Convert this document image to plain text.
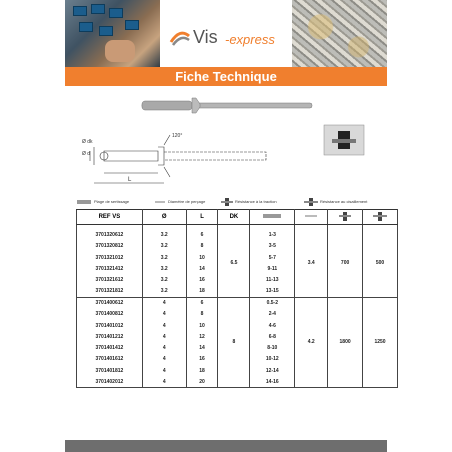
Vis -express
Fiche Technique
Ø d
Ø dk
120°
L
Plage de sertissage	Diamètre de perçage	Résistance à la traction	Résistance au cisaillement
REF VS	Ø	L	DK				

3701320612	3.2	6	6.5	1-3	3.4	700	500
3701320812	3.2	8		3-5			
3701321012	3.2	10		5-7			
3701321412	3.2	14		9-11			
3701321612	3.2	16		11-13			
3701321812	3.2	18		13-15			
3701400612	4	6	8	0.5-2	4.2	1800	1250
3701400812	4	8		2-4			
3701401012	4	10		4-6			
3701401212	4	12		6-8			
3701401412	4	14		8-10			
3701401612	4	16		10-12			
3701401812	4	18		12-14			
3701402012	4	20		14-16			
